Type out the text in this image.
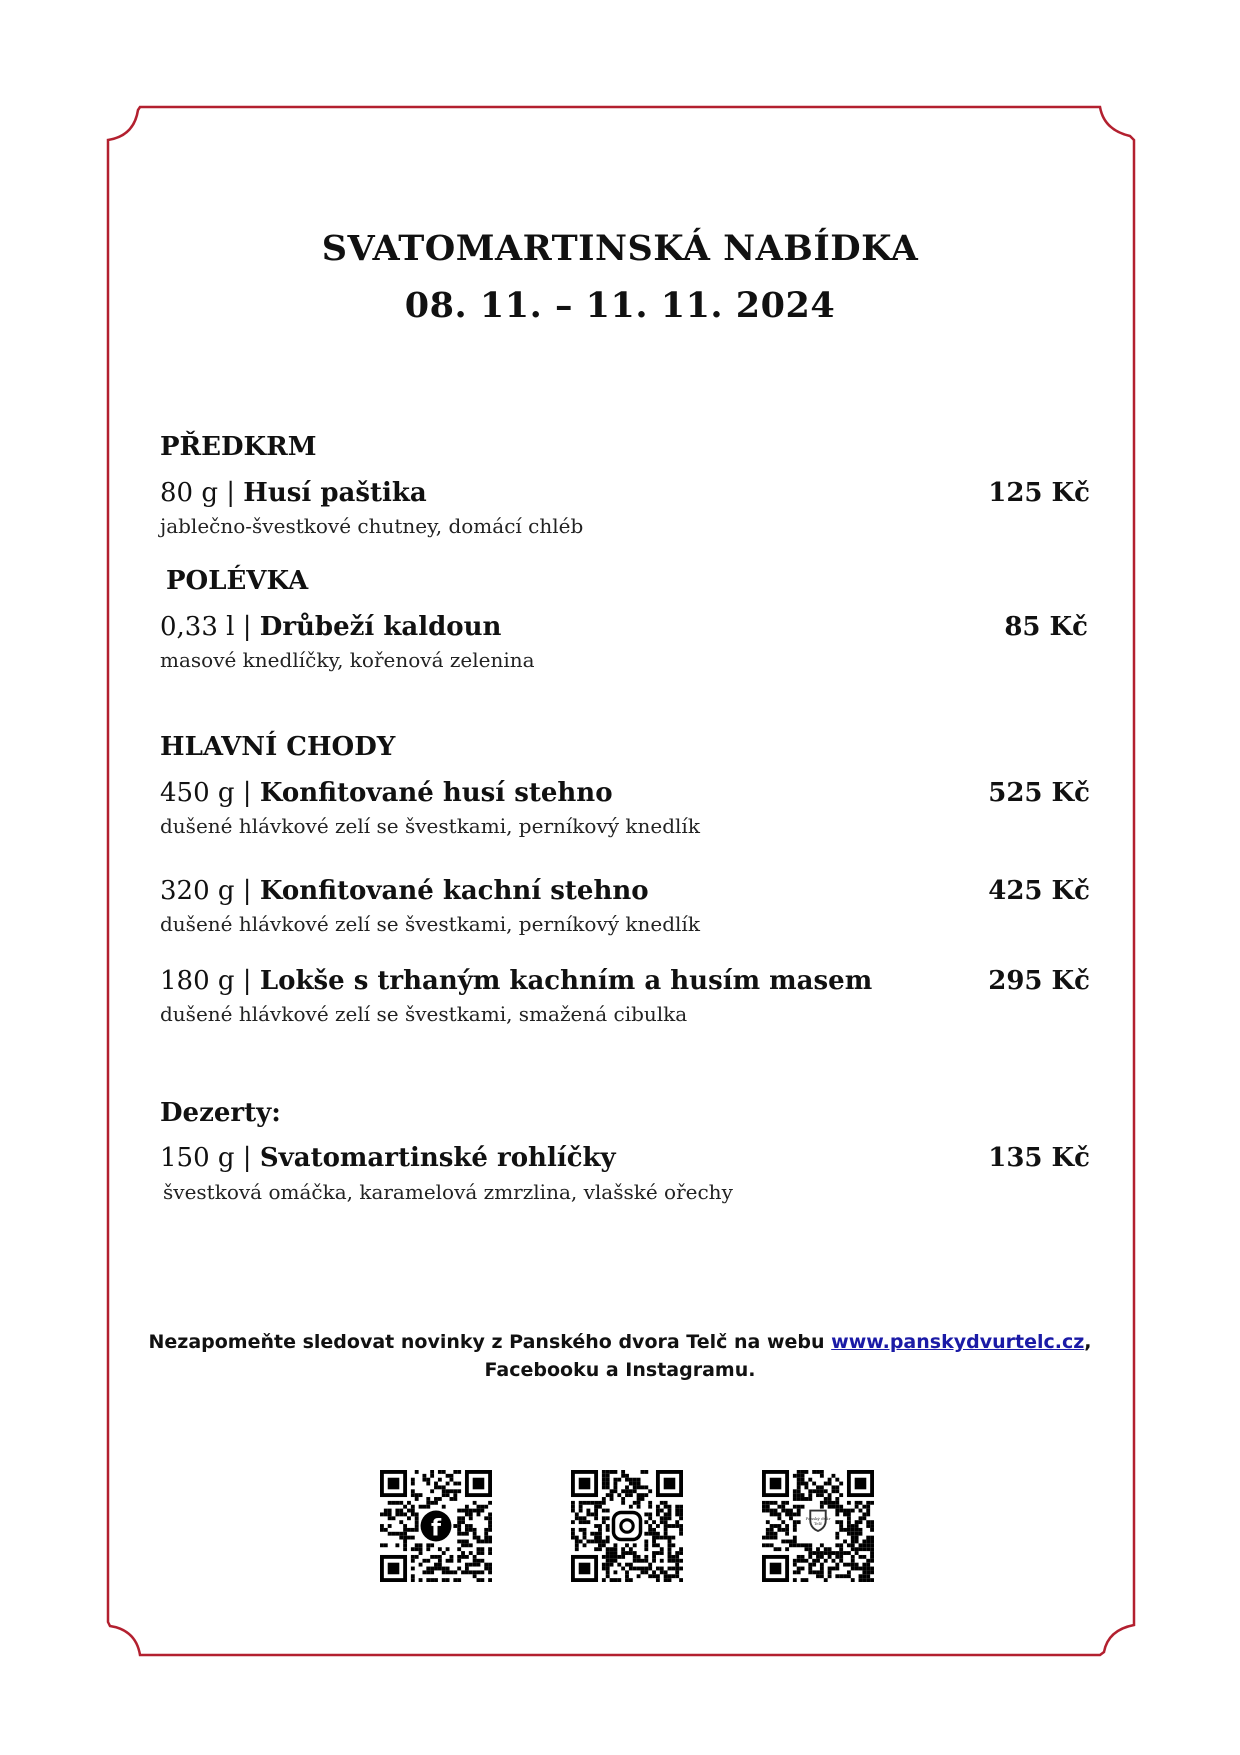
SVATOMARTINSKÁ NABÍDKA
08. 11. – 11. 11. 2024
PŘEDKRM
80 g | Husí paštika	125 Kč
jablečno-švestkové chutney, domácí chléb
POLÉVKA
0,33 l | Drůbeží kaldoun	85 Kč
masové knedlíčky, kořenová zelenina
HLAVNÍ CHODY
450 g | Konfitované husí stehno	525 Kč
dušené hlávkové zelí se švestkami, perníkový knedlík
320 g | Konfitované kachní stehno	425 Kč
dušené hlávkové zelí se švestkami, perníkový knedlík
180 g | Lokše s trhaným kachním a husím masem	295 Kč
dušené hlávkové zelí se švestkami, smažená cibulka
Dezerty:
150 g | Svatomartinské rohlíčky	135 Kč
švestková omáčka, karamelová zmrzlina, vlašské ořechy
Nezapomeňte sledovat novinky z Panského dvora Telč na webu www.panskydvurtelc.cz,
Facebooku a Instagramu.
f	Panský dvůr Telč
